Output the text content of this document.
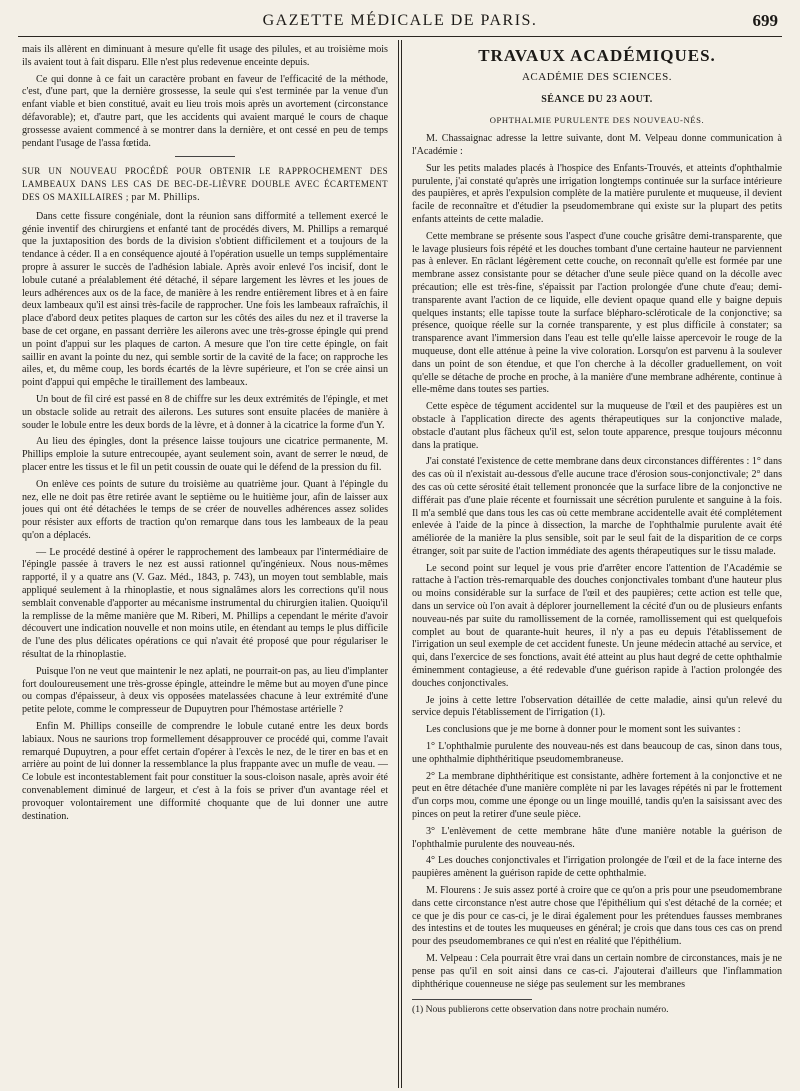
GAZETTE MÉDICALE DE PARIS.	699

mais ils allèrent en diminuant à mesure qu'elle fit usage des pilules, et au troisième mois ils avaient tout à fait disparu. Elle n'est plus redevenue enceinte depuis.

Ce qui donne à ce fait un caractère probant en faveur de l'efficacité de la méthode, c'est, d'une part, que la dernière grossesse, la seule qui s'est terminée par la venue d'un enfant viable et bien constitué, avait eu lieu trois mois après un avortement (circonstance défavorable); et, d'autre part, que les accidents qui avaient marqué le cours de chaque grossesse avaient commencé à se montrer dans la dernière, et ont cessé en peu de temps pendant l'usage de l'assa fœtida.

SUR UN NOUVEAU PROCÉDÉ POUR OBTENIR LE RAPPROCHEMENT DES LAMBEAUX DANS LES CAS DE BEC-DE-LIÈVRE DOUBLE AVEC ÉCARTEMENT DES OS MAXILLAIRES ; par M. Phillips.

Dans cette fissure congéniale, dont la réunion sans difformité a tellement exercé le génie inventif des chirurgiens et enfanté tant de procédés divers, M. Phillips a remarqué que la juxtaposition des bords de la division s'obtient difficilement et a toujours de la tendance à céder. Il a en conséquence ajouté à l'opération usuelle un temps supplémentaire propre à assurer le succès de l'adhésion labiale. Après avoir enlevé l'os incisif, dont le lobule cutané a préalablement été détaché, il sépare largement les lèvres et les joues de leurs adhérences aux os de la face, de manière à les rendre entièrement libres et à en faire deux lambeaux qu'il est ainsi très-facile de rapprocher. Une fois les lambeaux rafraîchis, il place d'abord deux petites plaques de carton sur les côtés des ailes du nez et il traverse la base de cet organe, en passant derrière les ailerons avec une très-grosse épingle qui prend un point d'appui sur les plaques de carton. A mesure que l'on tire cette épingle, on fait saillir en avant la pointe du nez, qui semble sortir de la cavité de la face; on rapproche les ailes, et, du même coup, les bords écartés de la lèvre supérieure, et l'on se crée ainsi un point d'appui qui empêche le tiraillement des lambeaux.

Un bout de fil ciré est passé en 8 de chiffre sur les deux extrémités de l'épingle, et met un obstacle solide au retrait des ailerons. Les sutures sont ensuite placées de manière à souder le lobule entre les deux bords de la lèvre, et à donner à la cicatrice la forme d'un Y.

Au lieu des épingles, dont la présence laisse toujours une cicatrice permanente, M. Phillips emploie la suture entrecoupée, ayant seulement soin, avant de serrer le nœud, de placer entre les tissus et le fil un petit coussin de ouate qui le défend de la pression du fil.

On enlève ces points de suture du troisième au quatrième jour. Quant à l'épingle du nez, elle ne doit pas être retirée avant le septième ou le huitième jour, afin de laisser aux joues qui ont été détachées le temps de se créer de nouvelles adhérences assez solides pour résister aux efforts de traction qu'on remarque dans tous les lambeaux de la peau qu'on a déplacés.

— Le procédé destiné à opérer le rapprochement des lambeaux par l'intermédiaire de l'épingle passée à travers le nez est aussi rationnel qu'ingénieux. Nous nous-mêmes rapporté, il y a quatre ans (V. Gaz. Méd., 1843, p. 743), un moyen tout semblable, mais appliqué seulement à la rhinoplastie, et nous signalâmes alors les corrections qu'il nous semblait convenable d'apporter au mécanisme instrumental du chirurgien italien. Quoiqu'il la remplisse de la même manière que M. Riberi, M. Phillips a cependant le mérite d'avoir découvert une indication nouvelle et non moins utile, en étendant au temps le plus difficile de l'une des plus délicates opérations ce qui n'avait été proposé que pour régulariser le résultat de la rhinoplastie.

Puisque l'on ne veut que maintenir le nez aplati, ne pourrait-on pas, au lieu d'implanter fort douloureusement une très-grosse épingle, atteindre le même but au moyen d'une pince ou compas d'épaisseur, à deux vis opposées matelassées chacune à leur extrémité d'une petite pelote, comme le compresseur de Dupuytren pour l'hémostase artérielle ?

Enfin M. Phillips conseille de comprendre le lobule cutané entre les deux bords labiaux. Nous ne saurions trop formellement désapprouver ce procédé qui, comme l'avait remarqué Dupuytren, a pour effet certain d'opérer à l'excès le nez, de le tirer en bas et en arrière au point de lui donner la ressemblance la plus frappante avec un mufle de veau. — Ce lobule est incontestablement fait pour constituer la sous-cloison nasale, après avoir été convenablement diminué de largeur, et c'est à la fois se priver d'un avantage réel et provoquer volontairement une difformité choquante que de lui donner une autre destination.

TRAVAUX ACADÉMIQUES.

ACADÉMIE DES SCIENCES.

SÉANCE DU 23 AOUT.

OPHTHALMIE PURULENTE DES NOUVEAU-NÉS.

M. Chassaignac adresse la lettre suivante, dont M. Velpeau donne communication à l'Académie :

Sur les petits malades placés à l'hospice des Enfants-Trouvés, et atteints d'ophthalmie purulente, j'ai constaté qu'après une irrigation longtemps continuée sur la surface intérieure des paupières, et après l'expulsion complète de la matière purulente et muqueuse, il devient facile de reconnaître et d'étudier la pseudomembrane qui existe sur la plupart des petits enfants atteints de cette maladie.

Cette membrane se présente sous l'aspect d'une couche grisâtre demi-transparente, que le lavage plusieurs fois répété et les douches tombant d'une certaine hauteur ne parviennent pas à enlever. En râclant légèrement cette couche, on reconnaît qu'elle est formée par une membrane assez consistante pour se détacher d'une seule pièce quand on la décolle avec précaution; elle est très-fine, s'épaissit par l'action prolongée d'une chute d'eau; demi-transparente avant l'action de ce liquide, elle devient opaque quand elle y baigne depuis quelques instants; elle tapisse toute la surface blépharo-scléroticale de la conjonctive; sa présence, quoique réelle sur la cornée transparente, y est plus difficile à constater; sa transparence avant l'immersion dans l'eau est telle qu'elle laisse apercevoir le rouge de la muqueuse, dont elle atténue à peine la vive coloration. Lorsqu'on est parvenu à la soulever dans un point de son étendue, et que l'on cherche à la décoller graduellement, on voit qu'elle se détache de proche en proche, à la manière d'une membrane adhérente, continue à elle-même dans toutes ses parties.

Cette espèce de tégument accidentel sur la muqueuse de l'œil et des paupières est un obstacle à l'application directe des agents thérapeutiques sur la conjonctive malade, obstacle d'autant plus fâcheux qu'il est, selon toute apparence, presque toujours méconnu dans la pratique.

J'ai constaté l'existence de cette membrane dans deux circonstances différentes : 1° dans des cas où il n'existait au-dessous d'elle aucune trace d'érosion sous-conjonctivale; 2° dans des cas où cette sérosité était tellement prononcée que la surface libre de la conjonctive ne différait pas d'une plaie récente et fournissait une sécrétion purulente et sanguine à la fois. Il m'a semblé que dans tous les cas où cette membrane accidentelle avait été complétement enlevée à l'aide de la pince à dissection, la marche de l'ophthalmie purulente avait été améliorée de la manière la plus sensible, soit par le seul fait de la disparition de ce corps étranger, soit par suite de l'action immédiate des agents thérapeutiques sur le tissu malade.

Le second point sur lequel je vous prie d'arrêter encore l'attention de l'Académie se rattache à l'action très-remarquable des douches conjonctivales tombant d'une hauteur plus ou moins considérable sur la surface de l'œil et des paupières; cette action est telle que, dans un service où l'on avait à déplorer journellement la cécité d'un ou de plusieurs enfants nouveau-nés par suite du ramollissement de la cornée, ramollissement qui est quelquefois complet au bout de quarante-huit heures, il n'y a pas eu depuis l'établissement de l'irrigation un seul exemple de cet accident funeste. Un jeune médecin attaché au service, et qui, dans l'exercice de ses fonctions, avait été atteint au plus haut degré de cette ophthalmie éminemment contagieuse, a été redevable d'une guérison rapide à l'action prolongée des douches conjonctivales.

Je joins à cette lettre l'observation détaillée de cette maladie, ainsi qu'un relevé du service depuis l'établissement de l'irrigation (1).

Les conclusions que je me borne à donner pour le moment sont les suivantes :

1° L'ophthalmie purulente des nouveau-nés est dans beaucoup de cas, sinon dans tous, une ophthalmie diphthéritique pseudomembraneuse.

2° La membrane diphthéritique est consistante, adhère fortement à la conjonctive et ne peut en être détachée d'une manière complète ni par les lavages répétés ni par le frottement d'un corps mou, comme une éponge ou un linge mouillé, tandis qu'en la saisissant avec des pinces on peut la retirer d'une seule pièce.

3° L'enlèvement de cette membrane hâte d'une manière notable la guérison de l'ophthalmie purulente des nouveau-nés.

4° Les douches conjonctivales et l'irrigation prolongée de l'œil et de la face interne des paupières amènent la guérison rapide de cette ophthalmie.

M. Flourens : Je suis assez porté à croire que ce qu'on a pris pour une pseudomembrane dans cette circonstance n'est autre chose que l'épithélium qui s'est détaché de la cornée; et ce que je dis pour ce cas-ci, je le dirai également pour les prétendues fausses membranes des intestins et de toutes les muqueuses en général; je crois que dans tous ces cas on prend pour des pseudomembranes ce qui n'est en réalité que l'épithélium.

M. Velpeau : Cela pourrait être vrai dans un certain nombre de circonstances, mais je ne pense pas qu'il en soit ainsi dans ce cas-ci. J'ajouterai d'ailleurs que l'inflammation diphthérique couenneuse ne siége pas seulement sur les membranes

(1) Nous publierons cette observation dans notre prochain numéro.
